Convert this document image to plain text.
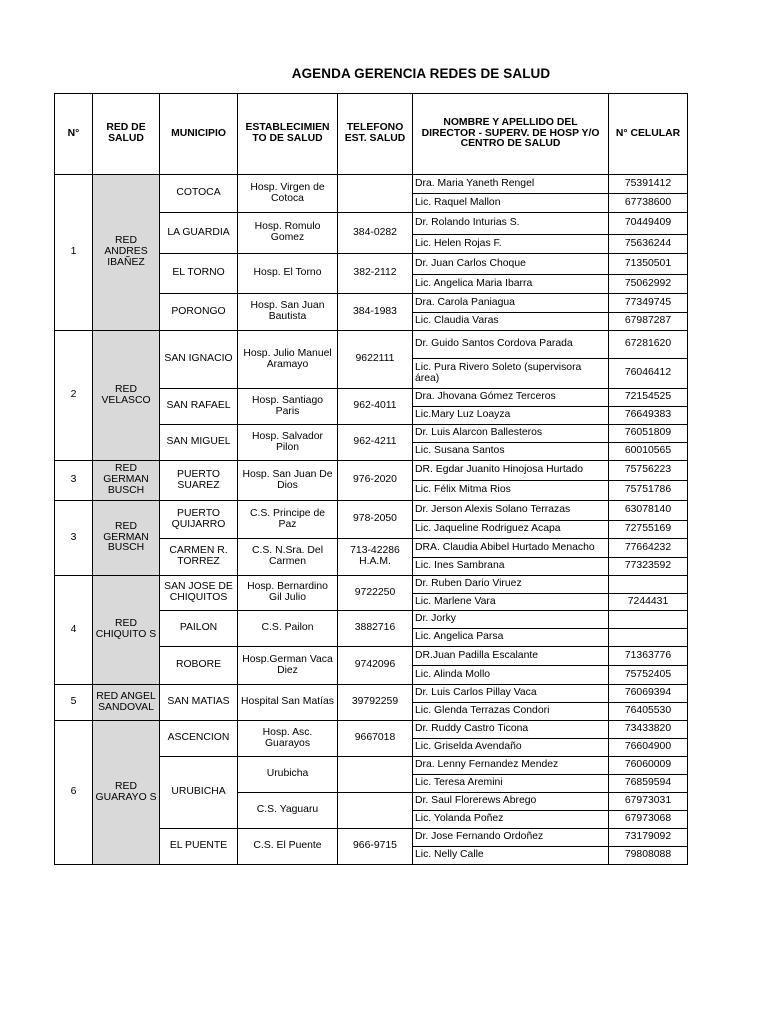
AGENDA GERENCIA REDES DE SALUD
N°	RED DE SALUD	MUNICIPIO	ESTABLECIMIEN TO DE SALUD	TELEFONO EST. SALUD	NOMBRE Y APELLIDO DEL DIRECTOR - SUPERV. DE HOSP Y/O CENTRO DE SALUD	N° CELULAR
1	RED ANDRES IBAÑEZ	COTOCA	Hosp. Virgen de Cotoca		Dra. Maria Yaneth Rengel	75391412
					Lic. Raquel Mallon	67738600
		LA GUARDIA	Hosp. Romulo Gomez	384-0282	Dr. Rolando Inturias S.	70449409
					Lic. Helen Rojas F.	75636244
		EL TORNO	Hosp. El Torno	382-2112	Dr. Juan Carlos Choque	71350501
					Lic. Angelica Maria Ibarra	75062992
		PORONGO	Hosp. San Juan Bautista	384-1983	Dra. Carola Paniagua	77349745
					Lic. Claudia Varas	67987287
2	RED VELASCO	SAN IGNACIO	Hosp. Julio Manuel Aramayo	9622111	Dr. Guido Santos Cordova Parada	67281620
					Lic. Pura Rivero Soleto (supervisora área)	76046412
		SAN RAFAEL	Hosp. Santiago Paris	962-4011	Dra. Jhovana Gómez Terceros	72154525
					Lic.Mary Luz Loayza	76649383
		SAN MIGUEL	Hosp. Salvador Pilon	962-4211	Dr. Luis Alarcon Ballesteros	76051809
					Lic. Susana Santos	60010565
3	RED GERMAN BUSCH	PUERTO SUAREZ	Hosp. San Juan De Dios	976-2020	DR. Egdar Juanito Hinojosa Hurtado	75756223
					Lic. Félix Mitma Rios	75751786
3	RED GERMAN BUSCH	PUERTO QUIJARRO	C.S. Principe de Paz	978-2050	Dr. Jerson Alexis Solano Terrazas	63078140
					Lic. Jaqueline Rodriguez Acapa	72755169
		CARMEN R. TORREZ	C.S. N.Sra. Del Carmen	713-42286 H.A.M.	DRA. Claudia Abibel Hurtado Menacho	77664232
					Lic. Ines Sambrana	77323592
4	RED CHIQUITO S	SAN JOSE DE CHIQUITOS	Hosp. Bernardino Gil Julio	9722250	Dr. Ruben Dario Viruez	
					Lic. Marlene Vara	7244431
		PAILON	C.S. Pailon	3882716	Dr. Jorky	
					Lic. Angelica Parsa	
		ROBORE	Hosp.German Vaca Diez	9742096	DR.Juan Padilla Escalante	71363776
					Lic. Alinda Mollo	75752405
5	RED ANGEL SANDOVAL	SAN MATIAS	Hospital San Matías	39792259	Dr. Luis Carlos Pillay Vaca	76069394
					Lic. Glenda Terrazas Condori	76405530
6	RED GUARAYO S	ASCENCION	Hosp. Asc. Guarayos	9667018	Dr. Ruddy Castro Ticona	73433820
					Lic. Griselda Avendaño	76604900
		URUBICHA	Urubicha		Dra. Lenny Fernandez Mendez	76060009
					Lic. Teresa Aremini	76859594
			C.S. Yaguaru		Dr. Saul Florerews Abrego	67973031
					Lic. Yolanda Poñez	67973068
		EL PUENTE	C.S. El Puente	966-9715	Dr. Jose Fernando Ordoñez	73179092
					Lic. Nelly Calle	79808088
